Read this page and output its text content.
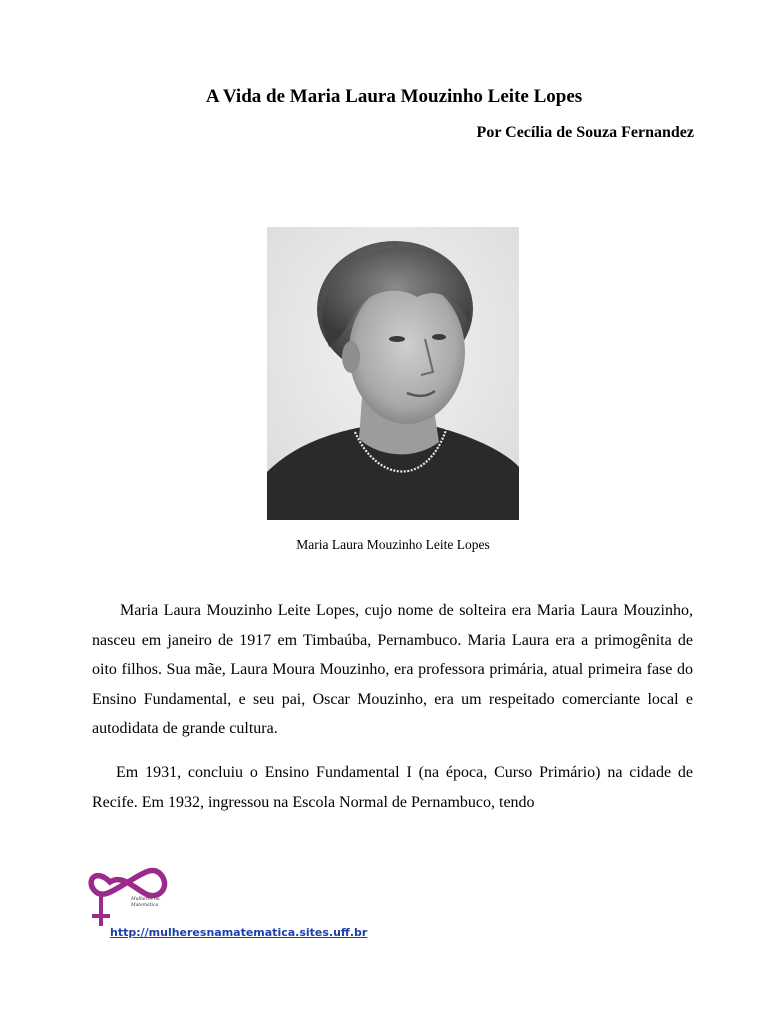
A Vida de Maria Laura Mouzinho Leite Lopes
Por Cecília de Souza Fernandez
Maria Laura Mouzinho Leite Lopes

Maria Laura Mouzinho Leite Lopes, cujo nome de solteira era Maria Laura Mouzinho, nasceu em janeiro de 1917 em Timbaúba, Pernambuco. Maria Laura era a primogênita de oito filhos. Sua mãe, Laura Moura Mouzinho, era professora primária, atual primeira fase do Ensino Fundamental, e seu pai, Oscar Mouzinho, era um respeitado comerciante local e autodidata de grande cultura.

Em 1931, concluiu o Ensino Fundamental I (na época, Curso Primário) na cidade de Recife. Em 1932, ingressou na Escola Normal de Pernambuco, tendo

Mulheres na Matemática
http://mulheresnamatematica.sites.uff.br
